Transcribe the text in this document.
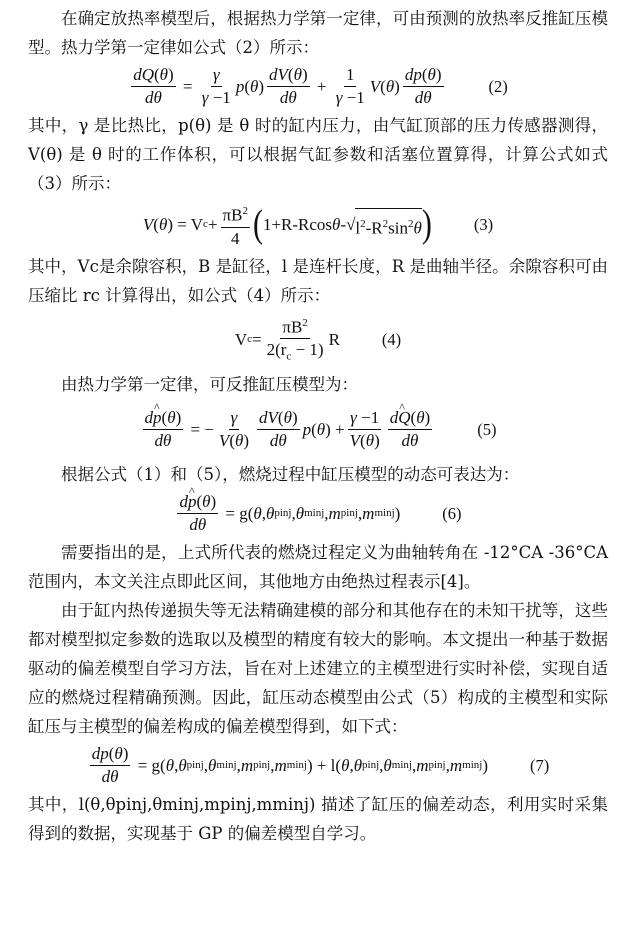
在确定放热率模型后，根据热力学第一定律，可由预测的放热率反推缸压模型。热力学第一定律如公式（2）所示：

$\frac{dQ(\theta)}{d\theta} = \frac{\gamma}{\gamma -1}$ p ( θ ) $\frac{dV(\theta)}{d\theta} + \frac{1}{\gamma -1}$ V ( θ ) $\frac{dp(\theta)}{d\theta}$	(2)

其中，γ 是比热比，p(θ) 是 θ 时的缸内压力，由气缸顶部的压力传感器测得，V(θ) 是 θ 时的工作体积，可以根据气缸参数和活塞位置算得，计算公式如式（3）所示：

V ( θ ) = V $c + \frac{\pi B^2}{4}$ ( 1+R-Rcos θ -√ $l^2-R^2\sin^2\theta$ )	(3)

其中，Vc是余隙容积，B 是缸径，l 是连杆长度，R 是曲轴半径。余隙容积可由压缩比 rc 计算得出，如公式（4）所示：

V $c = \frac{\pi B^2}{2(r_c - 1)}$ R	(4)

由热力学第一定律，可反推缸压模型为：

$\frac{d\^{} p(\theta)}{d\theta}$ = − $\frac{\gamma}{V(\theta)} \frac{dV(\theta)}{d\theta}$ p ( θ ) + $\frac{\gamma -1}{V(\theta)} \frac{d\^{} Q(\theta)}{d\theta}$	(5)

根据公式（1）和（5），燃烧过程中缸压模型的动态可表达为：

$\frac{d\^{} p(\theta)}{d\theta} = g$( θ , θ pinj , θ minj , m pinj , m minj )	(6)

需要指出的是，上式所代表的燃烧过程定义为曲轴转角在 -12°CA -36°CA 范围内，本文关注点即此区间，其他地方由绝热过程表示[4]。

由于缸内热传递损失等无法精确建模的部分和其他存在的未知干扰等，这些都对模型拟定参数的选取以及模型的精度有较大的影响。本文提出一种基于数据驱动的偏差模型自学习方法，旨在对上述建立的主模型进行实时补偿，实现自适应的燃烧过程精确预测。因此，缸压动态模型由公式（5）构成的主模型和实际缸压与主模型的偏差构成的偏差模型得到，如下式：

$\frac{dp(\theta)}{d\theta} = g$( θ , θ pinj , θ minj , m pinj , m minj ) + l( θ , θ pinj , θ minj , m pinj , m minj )	(7)

其中，l(θ,θpinj,θminj,mpinj,mminj) 描述了缸压的偏差动态，利用实时采集得到的数据，实现基于 GP 的偏差模型自学习。
